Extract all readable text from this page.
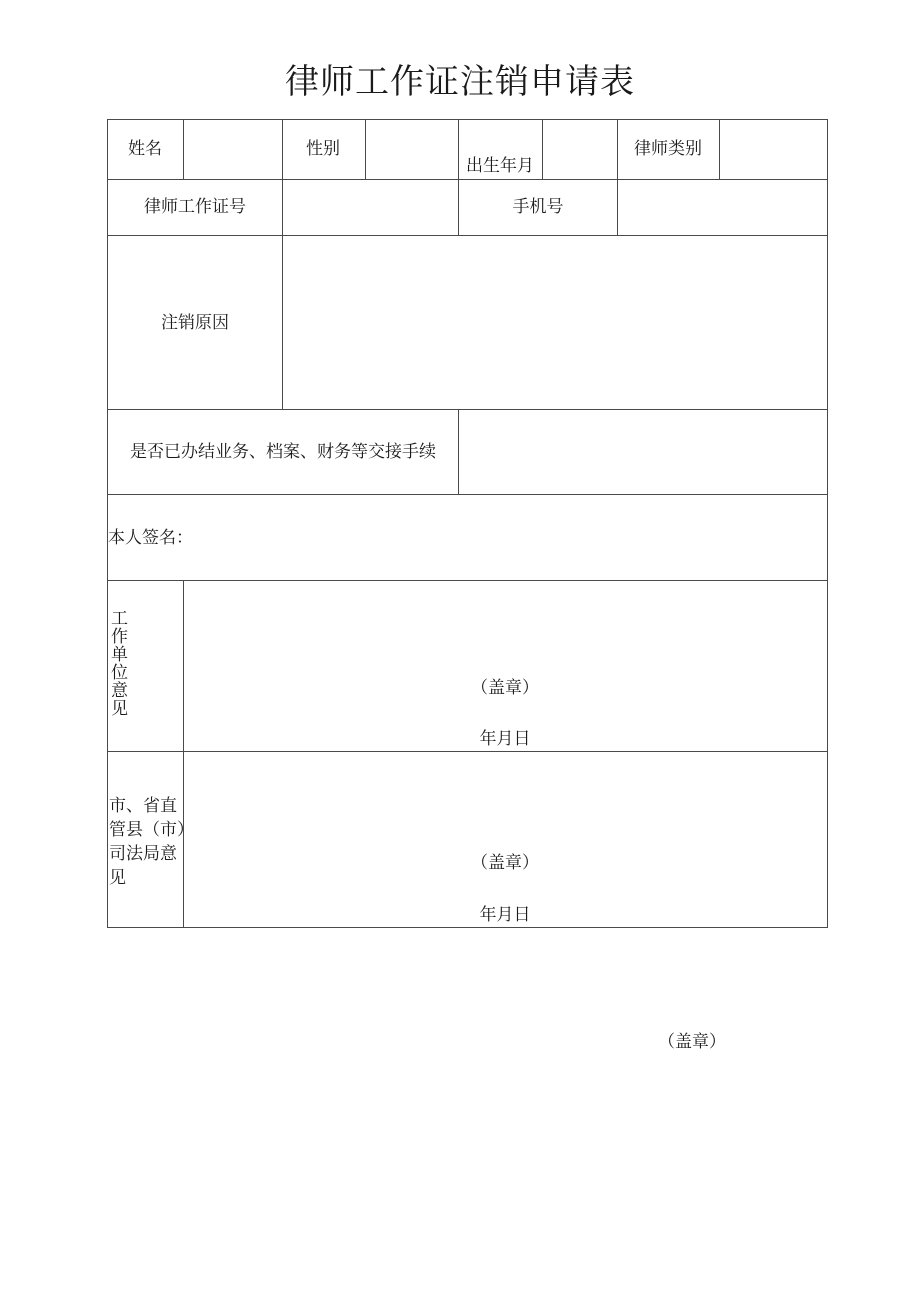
律师工作证注销申请表
姓名	性别
出生年月
律师类别
律师工作证号	手机号
注销原因
是否已办结业务、档案、财务等交接手续
本人签名：
工作单位意见
（盖章）
年月日
市、省直管县（市）司法局意见
（盖章）
年月日
（盖章）
